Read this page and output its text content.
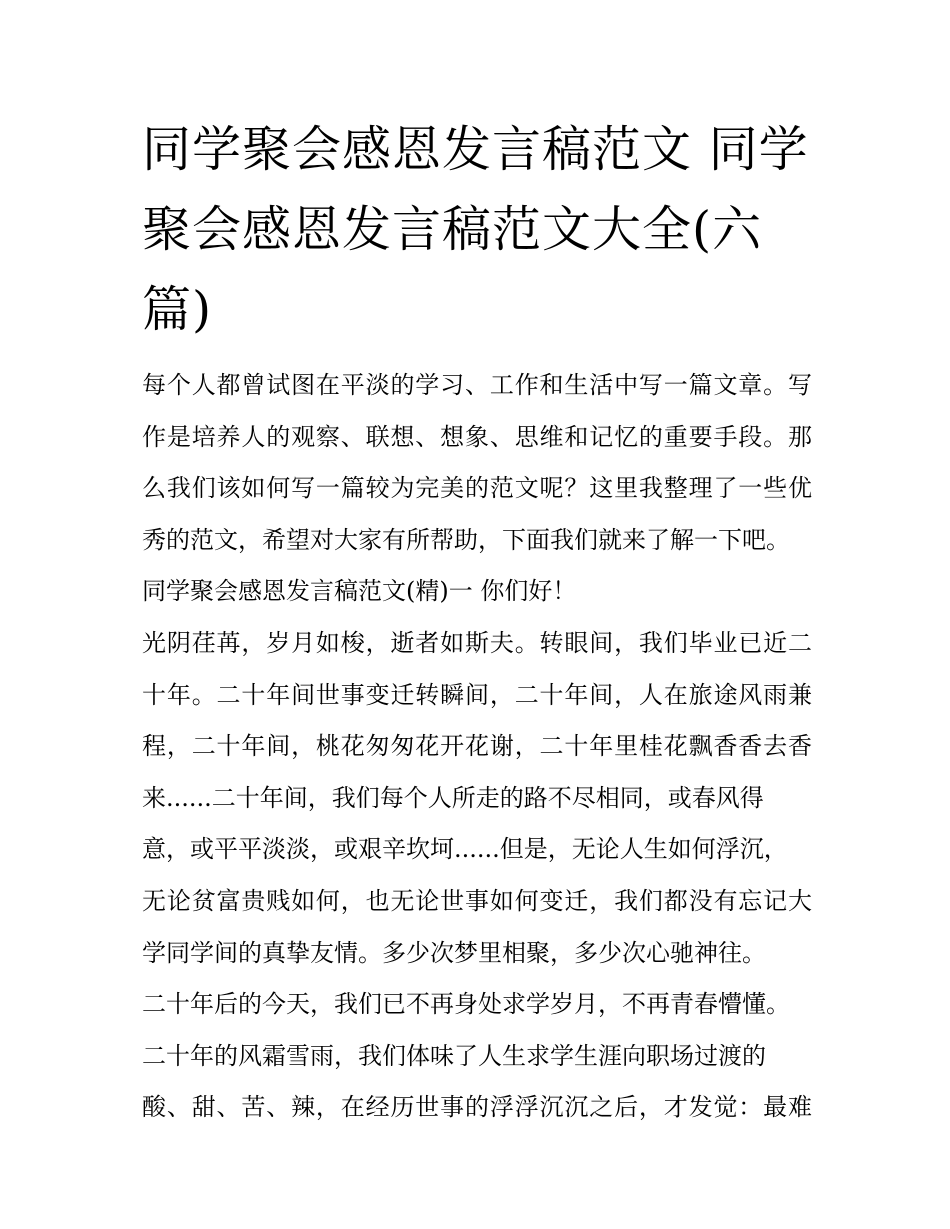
同学聚会感恩发言稿范文 同学
聚会感恩发言稿范文大全(六
篇)
每个人都曾试图在平淡的学习、工作和生活中写一篇文章。写
作是培养人的观察、联想、想象、思维和记忆的重要手段。那
么我们该如何写一篇较为完美的范文呢？这里我整理了一些优
秀的范文，希望对大家有所帮助，下面我们就来了解一下吧。
同学聚会感恩发言稿范文(精)一 你们好！
光阴荏苒，岁月如梭，逝者如斯夫。转眼间，我们毕业已近二
十年。二十年间世事变迁转瞬间，二十年间，人在旅途风雨兼
程，二十年间，桃花匆匆花开花谢，二十年里桂花飘香香去香
来......二十年间，我们每个人所走的路不尽相同，或春风得
意，或平平淡淡，或艰辛坎坷......但是，无论人生如何浮沉，
无论贫富贵贱如何，也无论世事如何变迁，我们都没有忘记大
学同学间的真挚友情。多少次梦里相聚，多少次心驰神往。
二十年后的今天，我们已不再身处求学岁月，不再青春懵懂。
二十年的风霜雪雨，我们体味了人生求学生涯向职场过渡的
酸、甜、苦、辣，在经历世事的浮浮沉沉之后，才发觉：最难
